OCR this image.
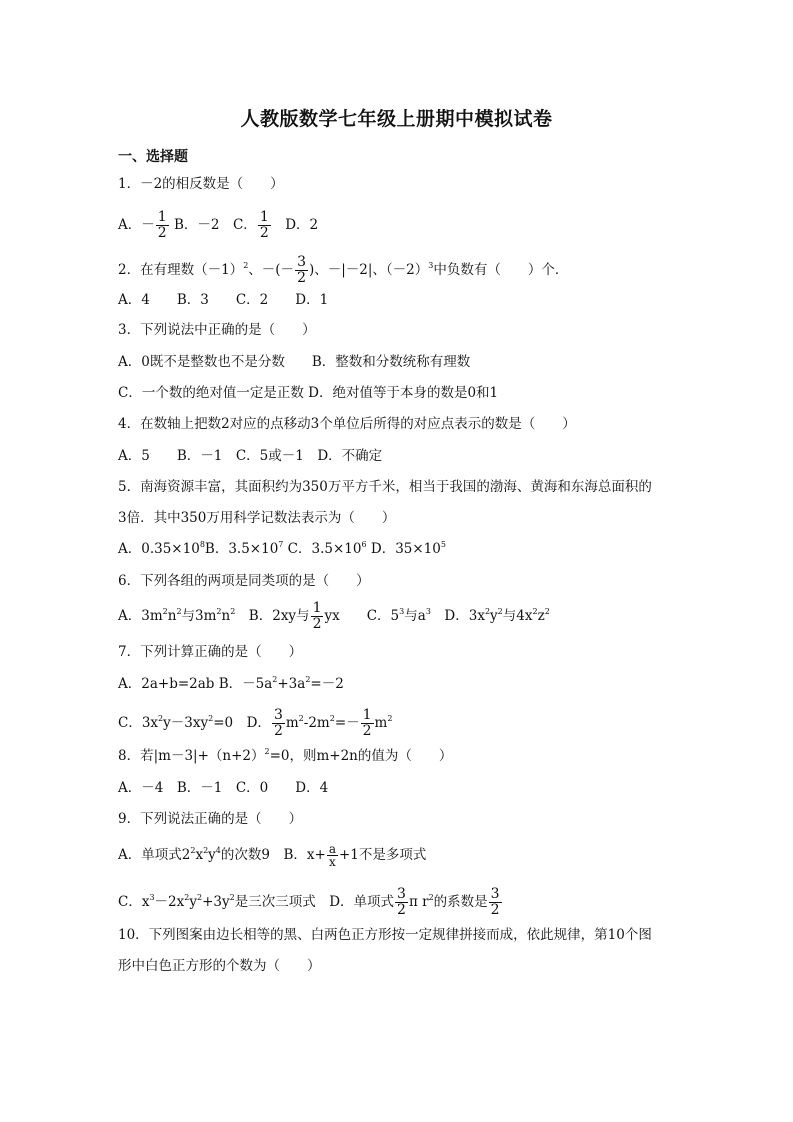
人教版数学七年级上册期中模拟试卷
一、选择题
1．－2的相反数是（　　）
A．－ $\frac{1}{2}$ B．－2　C． $\frac{1}{2}$ 　D．2
2．在有理数$(-1)^2$、－(－ $\frac{3}{2}$ )、－|－2|、$(-2)^3$中负数有（　　）个．
A．4　　B．3　　C．2　　D．1
3．下列说法中正确的是（　　）
A．0既不是整数也不是分数　　B．整数和分数统称有理数
C．一个数的绝对值一定是正数 D．绝对值等于本身的数是0和1
4．在数轴上把数2对应的点移动3个单位后所得的对应点表示的数是（　　）
A．5　　B．－1　C．5或－1　D．不确定
5．南海资源丰富，其面积约为350万平方千米，相当于我国的渤海、黄海和东海总面积的
3倍．其中350万用科学记数法表示为（　　）
A．$0.35\times 10^8B$．$3.5\times 10^7$ C．$3.5\times 10^6$ D．$35\times 10^5$
6．下列各组的两项是同类项的是（　　）
A．$3m^2n^2$与$3m^2n^2$　B．2xy与 $\frac{1}{2}$ yx　　C．$5^3$与$a^3$　D．$3x^2y^2$与$4x^2z^2$
7．下列计算正确的是（　　）
A．2a+b=2ab B．$-5a^2+3a^2=-2$
C．$3x^2y-3xy^2=0$　D． $\frac{3}{2} m^2-2m^2=- \frac{1}{2} m^2$
8．若$|m-3|+(n+2)^2=0$，则m+2n的值为（　　）
A．－4　B．－1　C．0　　D．4
9．下列说法正确的是（　　）
A．单项式$2^2x^2y^4$的次数9　B．$x+ \frac{a}{x} +1$不是多项式
C．$x^3-2x^2y^2+3y^2$是三次三项式　D．单项式 $\frac{3}{2}$ π $r^2$的系数是 $\frac{3}{2}$
10．下列图案由边长相等的黑、白两色正方形按一定规律拼接而成，依此规律，第10个图
形中白色正方形的个数为（　　）
